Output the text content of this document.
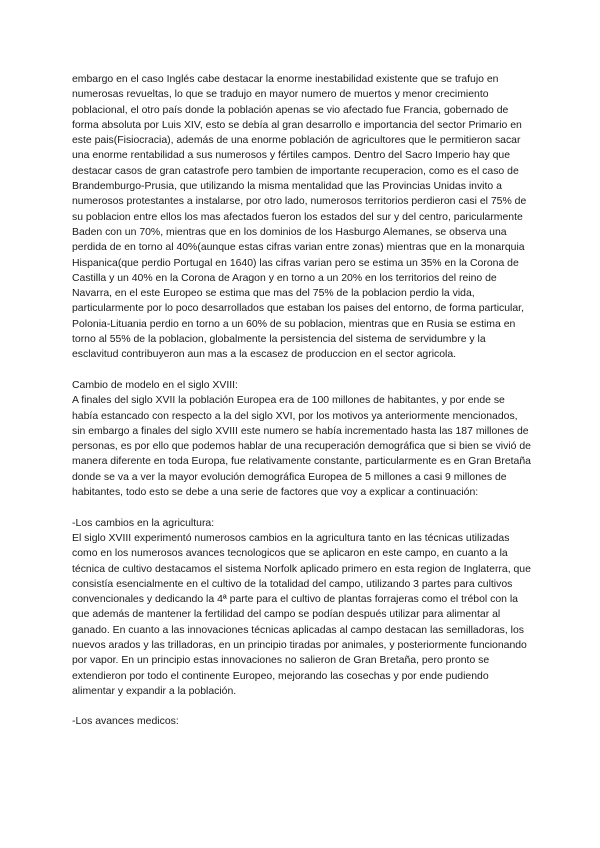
embargo en el caso Inglés cabe destacar la enorme inestabilidad existente que se trafujo en numerosas revueltas, lo que se tradujo en mayor numero de muertos y menor crecimiento poblacional, el otro país donde la población apenas se vio afectado fue Francia, gobernado de forma absoluta por Luis XIV, esto se debía al gran desarrollo e importancia del sector Primario en este pais(Fisiocracia), además de una enorme población de agricultores que le permitieron sacar una enorme rentabilidad a sus numerosos y fértiles campos. Dentro del Sacro Imperio hay que destacar casos de gran catastrofe pero tambien de importante recuperacion, como es el caso de Brandemburgo-Prusia, que utilizando la misma mentalidad que las Provincias Unidas invito a numerosos protestantes a instalarse, por otro lado, numerosos territorios perdieron casi el 75% de su poblacion entre ellos los mas afectados fueron los estados del sur y del centro, paricularmente Baden con un 70%, mientras que en los dominios de los Hasburgo Alemanes, se observa una perdida de en torno al 40%(aunque estas cifras varian entre zonas) mientras que en la monarquia Hispanica(que perdio Portugal en 1640) las cifras varian pero se estima un 35% en la Corona de Castilla y un 40% en la Corona de Aragon y en torno a un 20% en los territorios del reino de Navarra, en el este Europeo se estima que mas del 75% de la poblacion perdio la vida, particularmente por lo poco desarrollados que estaban los paises del entorno, de forma particular, Polonia-Lituania perdio en torno a un 60% de su poblacion, mientras que en Rusia se estima en torno al 55% de la poblacion, globalmente la persistencia del sistema de servidumbre y la esclavitud contribuyeron aun mas a la escasez de produccion en el sector agricola.

Cambio de modelo en el siglo XVIII:

A finales del siglo XVII la población Europea era de 100 millones de habitantes, y por ende se había estancado con respecto a la del siglo XVI, por los motivos ya anteriormente mencionados, sin embargo a finales del siglo XVIII este numero se había incrementado hasta las 187 millones de personas, es por ello que podemos hablar de una recuperación demográfica que si bien se vivió de manera diferente en toda Europa, fue relativamente constante, particularmente es en Gran Bretaña donde se va a ver la mayor evolución demográfica Europea de 5 millones a casi 9 millones de habitantes, todo esto se debe a una serie de factores que voy a explicar a continuación:

-Los cambios en la agricultura:

El siglo XVIII experimentó numerosos cambios en la agricultura tanto en las técnicas utilizadas como en los numerosos avances tecnologicos que se aplicaron en este campo, en cuanto a la técnica de cultivo destacamos el sistema Norfolk aplicado primero en esta region de Inglaterra, que consistía esencialmente en el cultivo de la totalidad del campo, utilizando 3 partes para cultivos convencionales y dedicando la 4ª parte para el cultivo de plantas forrajeras como el trébol con la que además de mantener la fertilidad del campo se podían después utilizar para alimentar al ganado. En cuanto a las innovaciones técnicas aplicadas al campo destacan las semilladoras, los nuevos arados y las trilladoras, en un principio tiradas por animales, y posteriormente funcionando por vapor. En un principio estas innovaciones no salieron de Gran Bretaña, pero pronto se extendieron por todo el continente Europeo, mejorando las cosechas y por ende pudiendo alimentar y expandir a la población.

-Los avances medicos:
